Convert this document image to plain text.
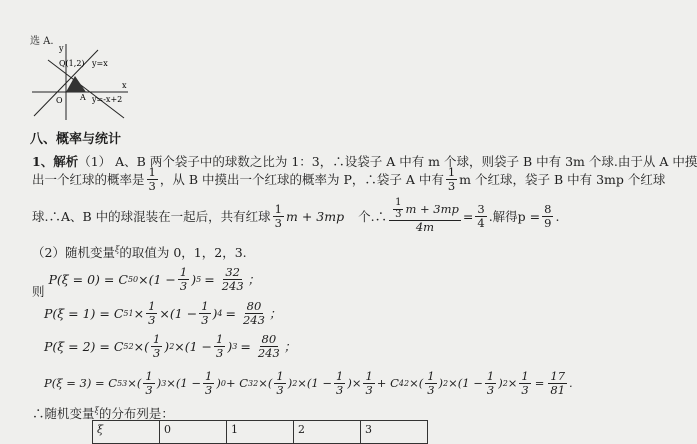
选 A.
y
x
Q(1,2) y=x
y=-x+2
O A
八、概率与统计
1、解析（1） A、B 两个袋子中的球数之比为 1：3，∴设袋子 A 中有 m 个球，则袋子 B 中有 3m 个球.由于从 A 中摸
出一个红球的概率是 $\frac{1}{3}$ ，从 B 中摸出一个红球的概率为 P，∴袋子 A 中有 $\frac{1}{3}$ m 个红球，袋子 B 中有 3mp 个红球
球.∴A、B 中的球混装在一起后，共有红球 $\frac{1}{3}$ m + 3mp 个.∴ $\frac{\frac{1}{3} m + 3mp}{4m} = \frac{3}{4}$ .解得$p = \frac{8}{9}$ .
（2）随机变量$^\xi$的取值为 0，1，2，3.
则
P(ξ = 0) = C 5 $0 \times(1 - \frac{1}{3}$ ) $5 = \frac{32}{243}$ ；
P(ξ = 1) = C 5 $1 \times \frac{1}{3} \times(1 - \frac{1}{3}$ ) $4 = \frac{80}{243}$ ；
P(ξ = 2) = C 5 2 ×( $\frac{1}{3}$ ) $2 \times(1 - \frac{1}{3}$ ) $3 = \frac{80}{243}$ ；
P(ξ = 3) = C 5 3 ×( $\frac{1}{3}$ ) $3 \times(1 - \frac{1}{3}$ ) 0 + C 3 2 ×( $\frac{1}{3}$ ) $2 \times(1 - \frac{1}{3}$ )× $\frac{1}{3} + C$ 4 2 ×( $\frac{1}{3}$ ) $2 \times(1 - \frac{1}{3}$ ) $2 \times \frac{1}{3} = \frac{17}{81}$ .
∴随机变量$^\xi$的分布列是：
ξ	0	1	2	3
